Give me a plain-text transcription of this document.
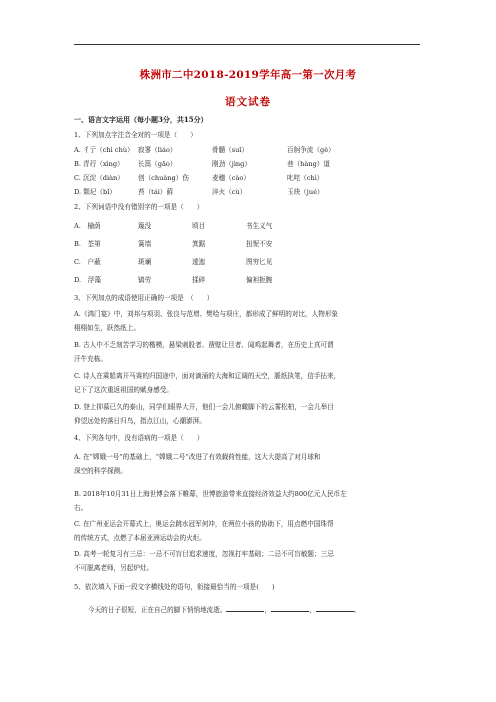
株洲市二中2018-2019学年高一第一次月考
语文试卷
一、语言文字运用（每小题3分，共15分）
1、下列加点字注音全对的一项是（　　）
A. 彳亍（chì chù） 寂寥（liáo）	骨髓（suǐ）	百舸争流（gě）
B. 青荇（xìng） 长篙（gāo）	刚劲（jìng）	巷（hàng）道
C. 沉淀（diàn） 创（chuàng）伤	麦穗（cào）	叱咤（chì）
D. 颓圮（bǐ）	苔（tái）藓	淬火（cù）	玉玦（jué）
2、下列词语中没有错别字的一项是（　　）
A.　榆荫	篾没	顷目	书生义气
B.　荃第	簧墙	箕踞	扭怩不安
C.　户蔽	斑斓	逶迤	图穷匕见
D.　浮藻	镐劳	揉碎	偏袒扼腕
3、下列加点的成语使用正确的一项是　（　　）
A.《鸿门宴》中，刘邦与项羽、张良与范增、樊哙与项庄，都形成了鲜明的对比，人物形象
栩栩如生，跃然纸上。
B. 古人中不乏刻苦学习的楷模，悬梁刺股者、凿壁让旦者、闻鸡起舞者，在历史上真可谓
汗牛充栋。
C. 诗人在乘船离开马赛的归国途中，面对滴涌的大海和辽阔的天空，脈纸执笔，信手拈来，
记下了这次重返祖国的赋身感受。
D. 登上抑慕已久的泰山，同学们眼界大开，他们一会儿俯瞰脚下的云雾松柏，一会儿举目
仰望远处的落日归鸟，指点江山，心潮澎湃。
4、下列各句中，没有语病的一项是（　　）
A. 在“嫦娥一号”的基础上，“嫦娥二号”改进了有效载荷性能，这大大提高了对月球和
深空的科学探测。
B. 2018年10月31日上海世博会落下帷幕，世博旅游带来直接经济效益大约800亿元人民币左
右。
C. 在广州亚运会开幕式上，奥运会跳水冠军何冲，在两位小孩的协助下，用点燃中国珠帮
的传统方式，点燃了本届亚洲运动会的火炬。
D. 高考一轮复习有三忌：一忌不可盲目追求速度，忽视打牢基础；二忌不可盲敏题；三忌
不可脱离老师，另起炉灶。
5、依次填入下面一段文字横线处的语句，衔接最恰当的一项是(　　)
今天的日子很短，正在自己的脚下悄悄地流逝。	，	，	。
